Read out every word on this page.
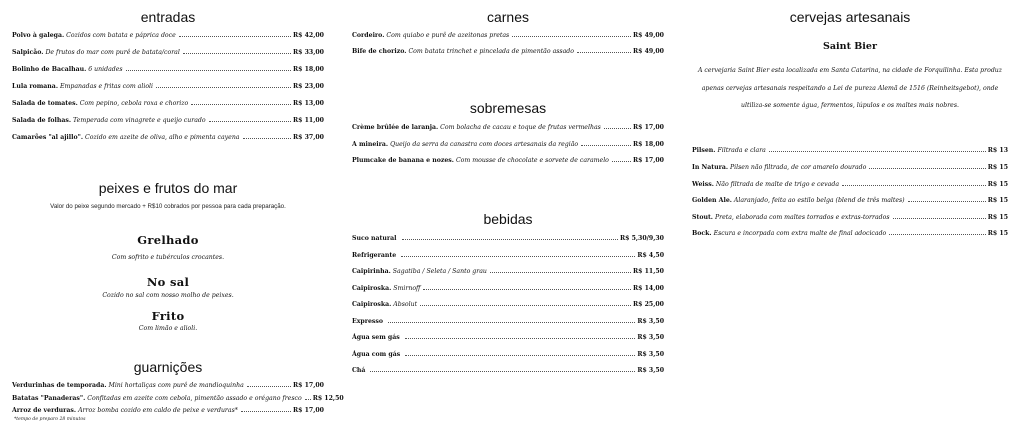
entradas
Polvo à galega. Cozidos com batata e páprica doce	R$ 42,00
Salpicão. De frutos do mar com purê de batata/coral	R$ 33,00
Bolinho de Bacalhau. 6 unidades	R$ 18,00
Lula romana. Empanadas e fritas com alioli	R$ 23,00
Salada de tomates. Com pepino, cebola roxa e chorizo	R$ 13,00
Salada de folhas. Temperada com vinagrete e queijo curado	R$ 11,00
Camarões "al ajillo". Cozido em azeite de oliva, alho e pimenta cayena	R$ 37,00
peixes e frutos do mar
Valor do peixe segundo mercado + R$10 cobrados por pessoa para cada preparação.
Grelhado
Com sofrito e tubérculos crocantes.
No sal
Cozido no sal com nosso molho de peixes.
Frito
Com limão e alioli.
guarnições
Verdurinhas de temporada. Mini hortaliças com purê de mandioquinha	R$ 17,00
Batatas "Panaderas". Confitadas em azeite com cebola, pimentão assado e orégano fresco R$ 12,50
Arroz de verduras. Arroz bomba cozido em caldo de peixe e verduras*	R$ 17,00
*tempo de preparo 28 minutos
carnes
Cordeiro. Com quiabo e purê de azeitonas pretas	R$ 49,00
Bife de chorizo. Com batata trinchet e pincelada de pimentão assado	R$ 49,00
sobremesas
Crème brûlée de laranja. Com bolacha de cacau e toque de frutas vermelhas	R$ 17,00
A mineira. Queijo da serra da canastra com doces artesanais da região	R$ 18,00
Plumcake de banana e nozes. Com mousse de chocolate e sorvete de caramelo	R$ 17,00
bebidas
Suco natural	R$ 5,30/9,30
Refrigerante	R$ 4,50
Caipirinha. Sagatiba / Seleta / Santo grau	R$ 11,50
Caipiroska. Smirnoff	R$ 14,00
Caipiroska. Absolut	R$ 25,00
Expresso	R$ 3,50
Água sem gás	R$ 3,50
Água com gás	R$ 3,50
Chá	R$ 3,50
cervejas artesanais
Saint Bier
A cervejaria Saint Bier esta localizada em Santa Catarina, na cidade de Forquilinha. Esta produz
apenas cervejas artesanais respeitando a Lei de pureza Alemã de 1516 (Reinheitsgebot), onde
ultiliza-se somente água, fermentos, lúpulos e os maltes mais nobres.
Pilsen. Filtrada e clara	R$ 13
In Natura. Pilsen não filtrada, de cor amarelo dourado	R$ 15
Weiss. Não filtrada de malte de trigo e cevada	R$ 15
Golden Ale. Alaranjado, feita ao estilo belga (blend de três maltes)	R$ 15
Stout. Preta, elaborada com maltes torrados e extras-torrados	R$ 15
Bock. Escura e incorpada com extra malte de final adocicado	R$ 15
